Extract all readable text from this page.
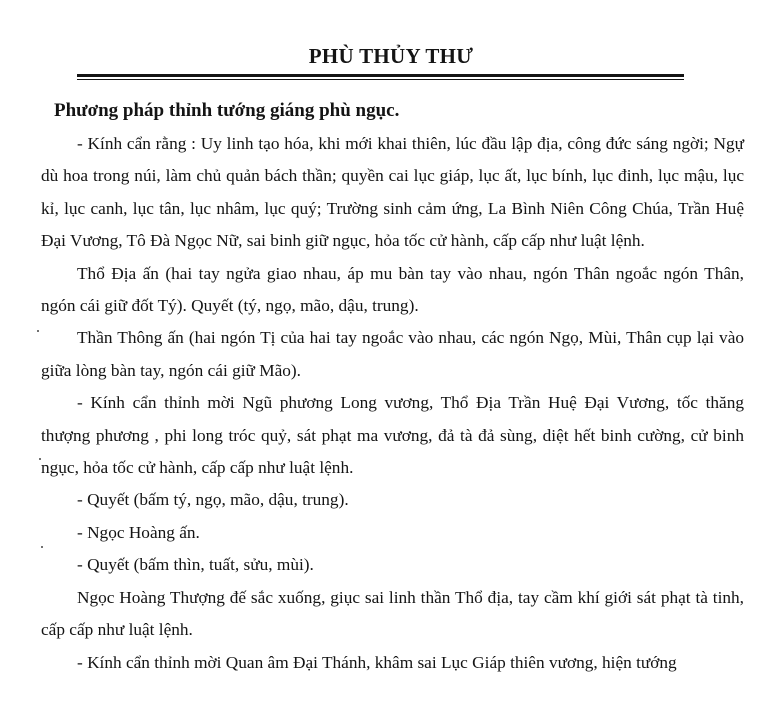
PHÙ THỦY THƯ
Phương pháp thỉnh tướng giáng phù ngục.

- Kính cẩn rằng : Uy linh tạo hóa, khi mới khai thiên, lúc đầu lập địa, công đức sáng ngời; Ngự dù hoa trong núi, làm chủ quản bách thần; quyền cai lục giáp, lục ất, lục bính, lục đinh, lục mậu, lục kỉ, lục canh, lục tân, lục nhâm, lục quý; Trường sinh cảm ứng, La Bình Niên Công Chúa, Trần Huệ Đại Vương, Tô Đà Ngọc Nữ, sai binh giữ ngục, hỏa tốc cử hành, cấp cấp như luật lệnh.

Thổ Địa ấn (hai tay ngửa giao nhau, áp mu bàn tay vào nhau, ngón Thân ngoắc ngón Thân, ngón cái giữ đốt Tý). Quyết (tý, ngọ, mão, dậu, trung).

Thần Thông ấn (hai ngón Tị của hai tay ngoắc vào nhau, các ngón Ngọ, Mùi, Thân cụp lại vào giữa lòng bàn tay, ngón cái giữ Mão).

- Kính cẩn thỉnh mời Ngũ phương Long vương, Thổ Địa Trần Huệ Đại Vương, tốc thăng thượng phương , phi long tróc quỷ, sát phạt ma vương, đả tà đả sùng, diệt hết binh cường, cử binh ngục, hỏa tốc cử hành, cấp cấp như luật lệnh.

- Quyết (bấm tý, ngọ, mão, dậu, trung).

- Ngọc Hoàng ấn.

- Quyết (bấm thìn, tuất, sửu, mùi).

Ngọc Hoàng Thượng đế sắc xuống, giục sai linh thần Thổ địa, tay cầm khí giới sát phạt tà tinh, cấp cấp như luật lệnh.

- Kính cẩn thỉnh mời Quan âm Đại Thánh, khâm sai Lục Giáp thiên vương, hiện tướng
